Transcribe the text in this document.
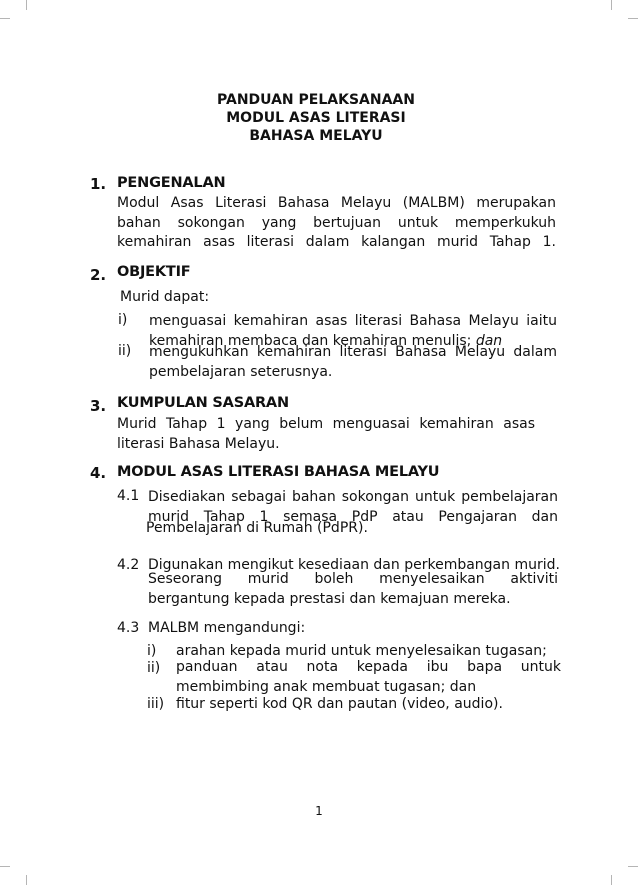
PANDUAN PELAKSANAAN
MODUL ASAS LITERASI
BAHASA MELAYU
1. PENGENALAN
Modul Asas Literasi Bahasa Melayu (MALBM) merupakan bahan sokongan yang bertujuan untuk memperkukuh kemahiran asas literasi dalam kalangan murid Tahap 1.
2. OBJEKTIF
Murid dapat:
i) menguasai kemahiran asas literasi Bahasa Melayu iaitu kemahiran membaca dan kemahiran menulis; dan
ii) mengukuhkan kemahiran literasi Bahasa Melayu dalam pembelajaran seterusnya.
3. KUMPULAN SASARAN
Murid Tahap 1 yang belum menguasai kemahiran asas literasi Bahasa Melayu.
4. MODUL ASAS LITERASI BAHASA MELAYU
4.1 Disediakan sebagai bahan sokongan untuk pembelajaran murid Tahap 1 semasa PdP atau Pengajaran dan
Pembelajaran di Rumah (PdPR).
4.2 Digunakan mengikut kesediaan dan perkembangan murid.
Seseorang murid boleh menyelesaikan aktiviti bergantung kepada prestasi dan kemajuan mereka.
4.3 MALBM mengandungi:
i) arahan kepada murid untuk menyelesaikan tugasan;
ii) panduan atau nota kepada ibu bapa untuk membimbing anak membuat tugasan; dan
iii) fitur seperti kod QR dan pautan (video, audio).
1
